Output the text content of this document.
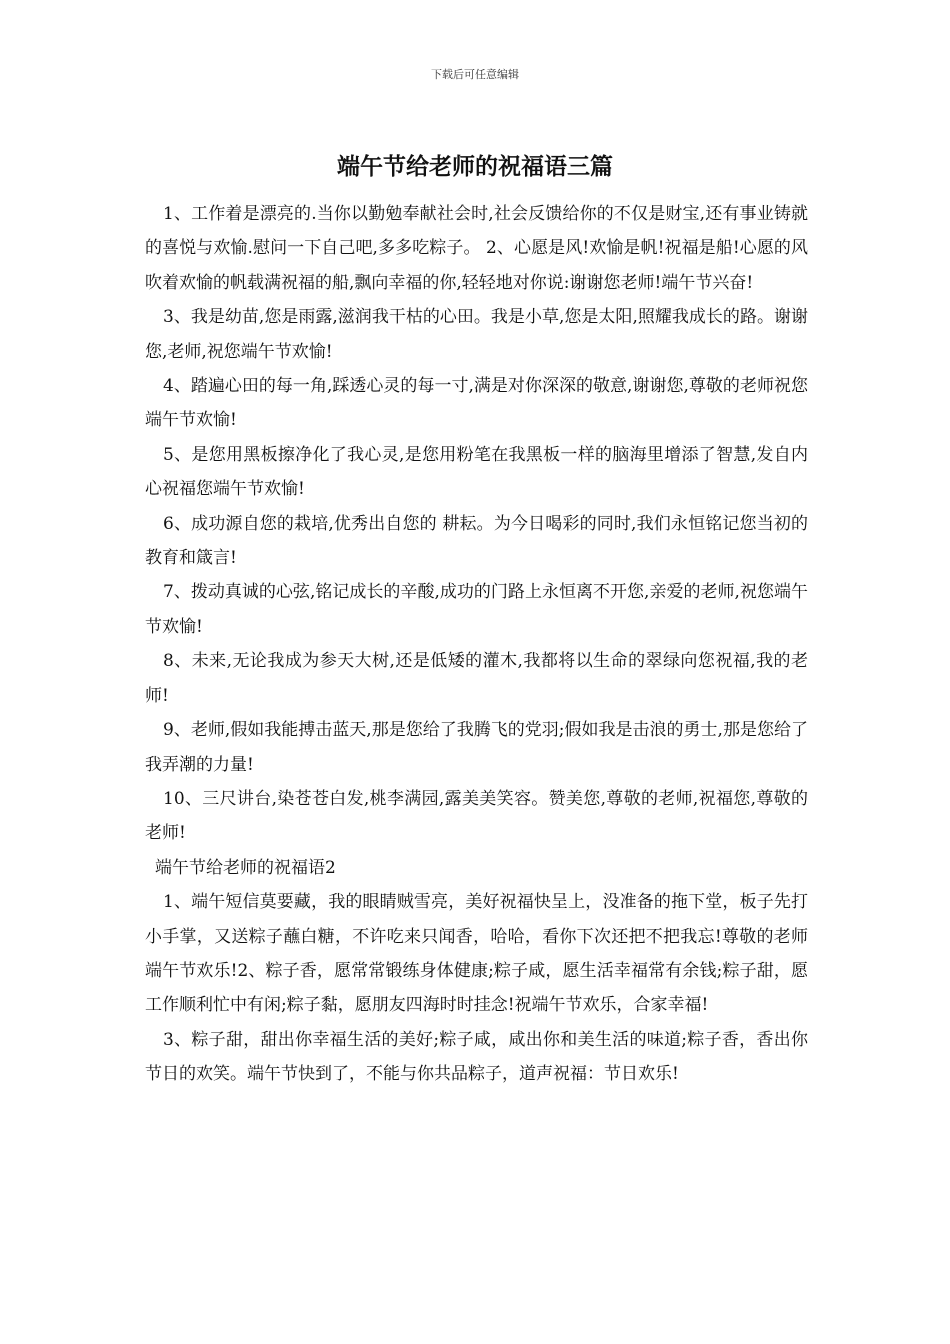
下载后可任意编辑
端午节给老师的祝福语三篇

1、工作着是漂亮的.当你以勤勉奉献社会时,社会反馈给你的不仅是财宝,还有事业铸就的喜悦与欢愉.慰问一下自己吧,多多吃粽子。 2、心愿是风!欢愉是帆!祝福是船!心愿的风吹着欢愉的帆载满祝福的船,飘向幸福的你,轻轻地对你说:谢谢您老师!端午节兴奋!

3、我是幼苗,您是雨露,滋润我干枯的心田。我是小草,您是太阳,照耀我成长的路。谢谢您,老师,祝您端午节欢愉!

4、踏遍心田的每一角,踩透心灵的每一寸,满是对你深深的敬意,谢谢您,尊敬的老师祝您端午节欢愉!

5、是您用黑板擦净化了我心灵,是您用粉笔在我黑板一样的脑海里增添了智慧,发自内心祝福您端午节欢愉!

6、成功源自您的栽培,优秀出自您的 耕耘。为今日喝彩的同时,我们永恒铭记您当初的教育和箴言!

7、拨动真诚的心弦,铭记成长的辛酸,成功的门路上永恒离不开您,亲爱的老师,祝您端午节欢愉!

8、未来,无论我成为参天大树,还是低矮的灌木,我都将以生命的翠绿向您祝福,我的老师!

9、老师,假如我能搏击蓝天,那是您给了我腾飞的党羽;假如我是击浪的勇士,那是您给了我弄潮的力量!

10、三尺讲台,染苍苍白发,桃李满园,露美美笑容。赞美您,尊敬的老师,祝福您,尊敬的老师!

端午节给老师的祝福语2

1、端午短信莫要藏，我的眼睛贼雪亮，美好祝福快呈上，没准备的拖下堂，板子先打小手掌，又送粽子蘸白糖，不许吃来只闻香，哈哈，看你下次还把不把我忘!尊敬的老师端午节欢乐!2、粽子香，愿常常锻练身体健康;粽子咸，愿生活幸福常有余钱;粽子甜，愿工作顺利忙中有闲;粽子黏，愿朋友四海时时挂念!祝端午节欢乐，合家幸福!

3、粽子甜，甜出你幸福生活的美好;粽子咸，咸出你和美生活的味道;粽子香，香出你节日的欢笑。端午节快到了，不能与你共品粽子，道声祝福：节日欢乐!
